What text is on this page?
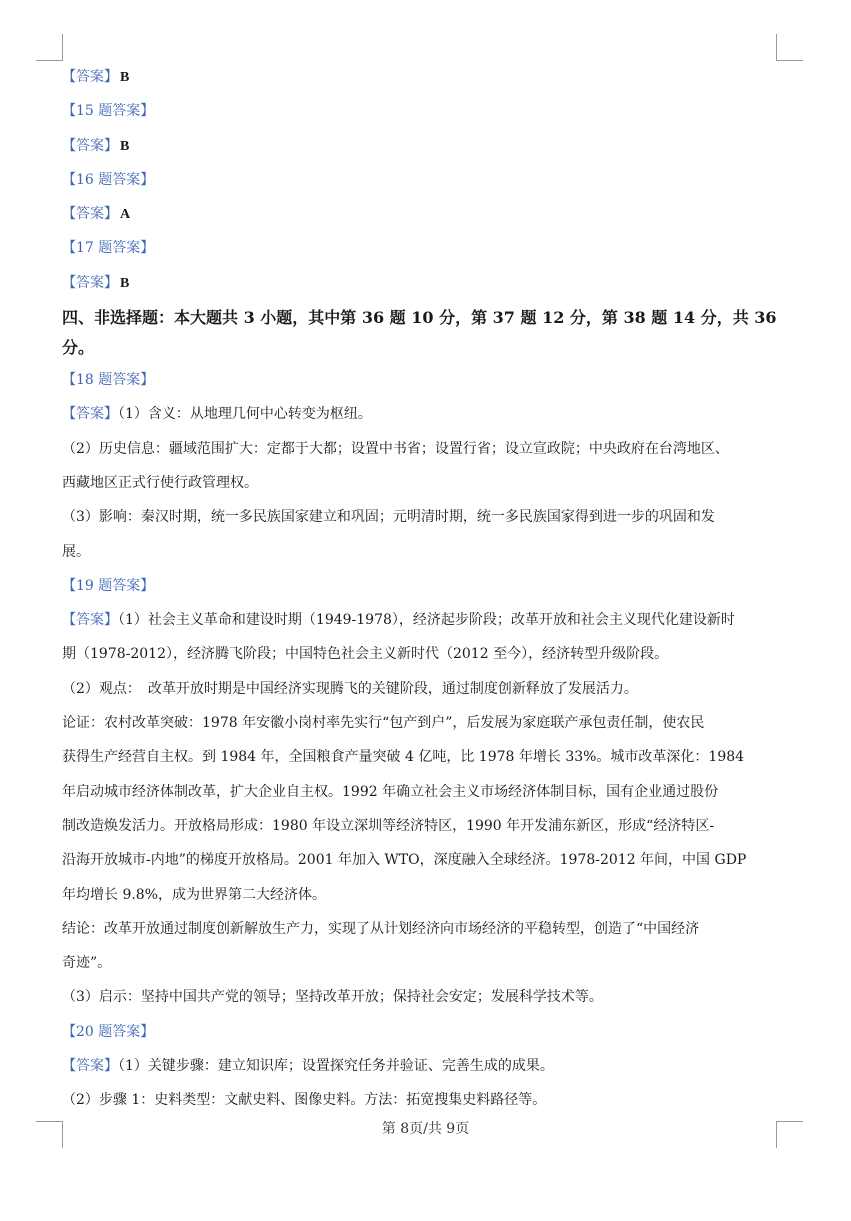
【答案】 B
【15 题答案】
【答案】 B
【16 题答案】
【答案】 A
【17 题答案】
【答案】 B
四、非选择题：本大题共 3 小题，其中第 36 题 10 分，第 37 题 12 分，第 38 题 14 分，共 36
分。
【18 题答案】
【答案】（1）含义：从地理几何中心转变为枢纽。
（2）历史信息：疆域范围扩大：定都于大都；设置中书省；设置行省；设立宣政院；中央政府在台湾地区、
西藏地区正式行使行政管理权。
（3）影响：秦汉时期，统一多民族国家建立和巩固；元明清时期，统一多民族国家得到进一步的巩固和发
展。
【19 题答案】
【答案】（1）社会主义革命和建设时期（1949-1978），经济起步阶段；改革开放和社会主义现代化建设新时
期（1978-2012），经济腾飞阶段；中国特色社会主义新时代（2012 至今），经济转型升级阶段。
（2）观点：　改革开放时期是中国经济实现腾飞的关键阶段，通过制度创新释放了发展活力。
论证：农村改革突破：1978 年安徽小岗村率先实行“包产到户”，后发展为家庭联产承包责任制，使农民
获得生产经营自主权。到 1984 年，全国粮食产量突破 4 亿吨，比 1978 年增长 33%。城市改革深化：1984
年启动城市经济体制改革，扩大企业自主权。1992 年确立社会主义市场经济体制目标，国有企业通过股份
制改造焕发活力。开放格局形成：1980 年设立深圳等经济特区，1990 年开发浦东新区，形成“经济特区-
沿海开放城市-内地”的梯度开放格局。2001 年加入 WTO，深度融入全球经济。1978-2012 年间，中国 GDP
年均增长 9.8%，成为世界第二大经济体。
结论：改革开放通过制度创新解放生产力，实现了从计划经济向市场经济的平稳转型，创造了“中国经济
奇迹”。
（3）启示：坚持中国共产党的领导；坚持改革开放；保持社会安定；发展科学技术等。
【20 题答案】
【答案】（1）关键步骤：建立知识库；设置探究任务并验证、完善生成的成果。
（2）步骤 1：史料类型：文献史料、图像史料。方法：拓宽搜集史料路径等。
第 8页/共 9页
